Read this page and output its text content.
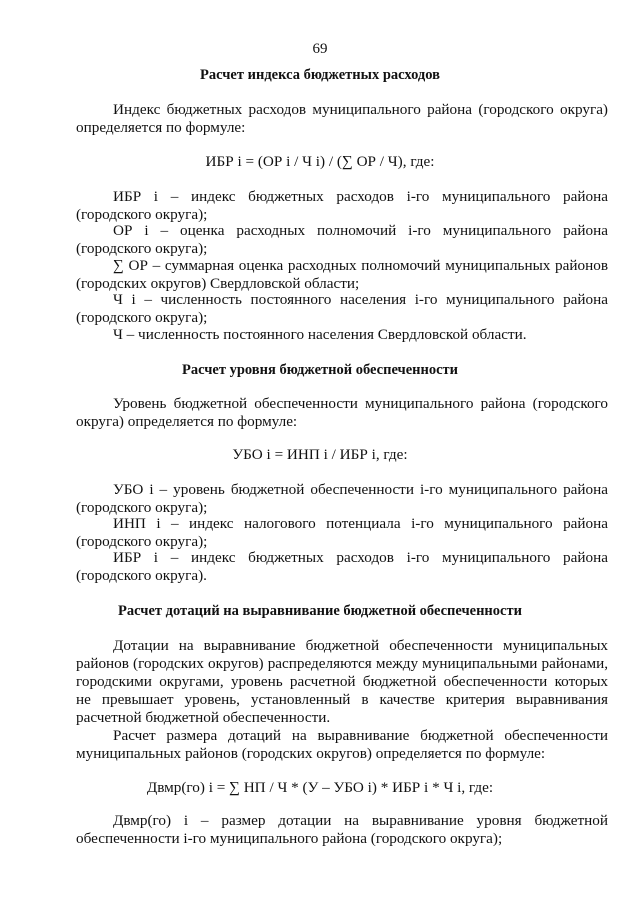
69
Расчет индекса бюджетных расходов
Индекс бюджетных расходов муниципального района (городского округа)
определяется по формуле:
ИБР i = (ОР i / Ч i) / (∑ ОР / Ч), где:
ИБР i – индекс бюджетных расходов i-го муниципального района
(городского округа);
ОР i – оценка расходных полномочий i-го муниципального района
(городского округа);
∑ ОР – суммарная оценка расходных полномочий муниципальных районов
(городских округов) Свердловской области;
Ч i – численность постоянного населения i-го муниципального района
(городского округа);
Ч – численность постоянного населения Свердловской области.
Расчет уровня бюджетной обеспеченности
Уровень бюджетной обеспеченности муниципального района (городского
округа) определяется по формуле:
УБО i = ИНП i / ИБР i, где:
УБО i – уровень бюджетной обеспеченности i-го муниципального района
(городского округа);
ИНП i – индекс налогового потенциала i-го муниципального района
(городского округа);
ИБР i – индекс бюджетных расходов i-го муниципального района
(городского округа).
Расчет дотаций на выравнивание бюджетной обеспеченности
Дотации на выравнивание бюджетной обеспеченности муниципальных
районов (городских округов) распределяются между муниципальными районами,
городскими округами, уровень расчетной бюджетной обеспеченности которых
не превышает уровень, установленный в качестве критерия выравнивания
расчетной бюджетной обеспеченности.
Расчет размера дотаций на выравнивание бюджетной обеспеченности
муниципальных районов (городских округов) определяется по формуле:
Двмр(го) i = ∑ НП / Ч * (У – УБО i) * ИБР i * Ч i, где:
Двмр(го) i – размер дотации на выравнивание уровня бюджетной
обеспеченности i-го муниципального района (городского округа);
